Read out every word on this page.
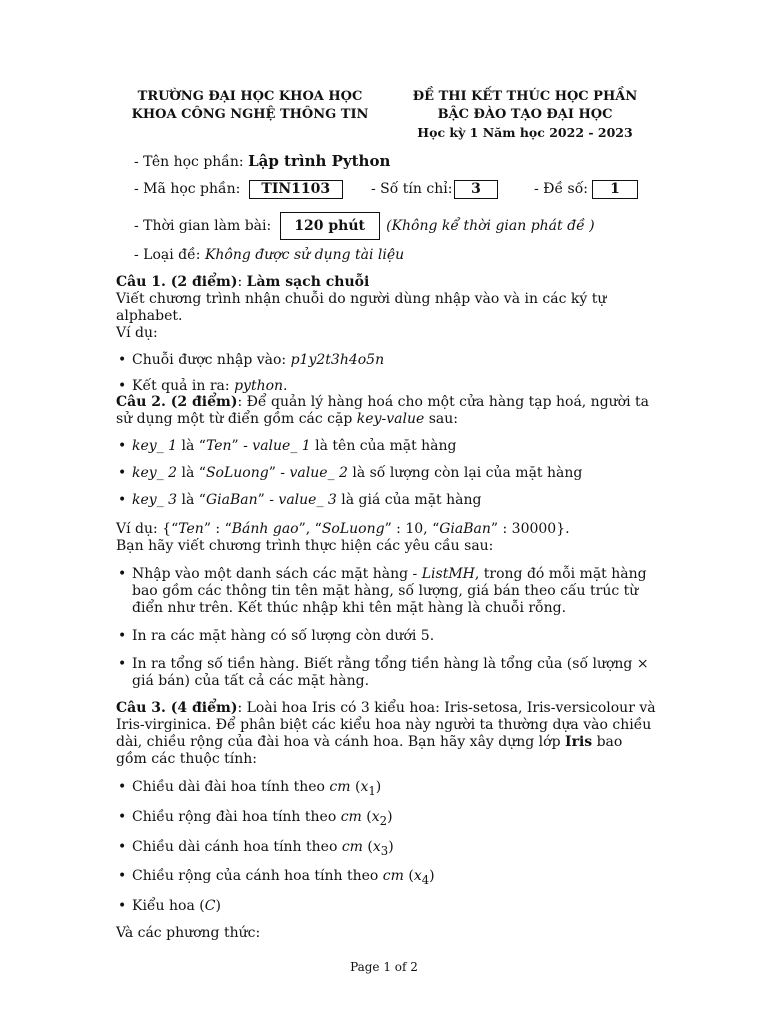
TRƯỜNG ĐẠI HỌC KHOA HỌC
KHOA CÔNG NGHỆ THÔNG TIN
ĐỀ THI KẾT THÚC HỌC PHẦN
BẬC ĐÀO TẠO ĐẠI HỌC
Học kỳ 1 Năm học 2022 - 2023
- Tên học phần: Lập trình Python
- Mã học phần: TIN1103	- Số tín chỉ:	3	- Đề số:	1
- Thời gian làm bài: 120 phút (Không kể thời gian phát đề )
- Loại đề: Không được sử dụng tài liệu

Câu 1. (2 điểm): Làm sạch chuỗi

Viết chương trình nhận chuỗi do người dùng nhập vào và in các ký tự alphabet.

Ví dụ:

• Chuỗi được nhập vào: p1y2t3h4o5n
• Kết quả in ra: python.

Câu 2. (2 điểm): Để quản lý hàng hoá cho một cửa hàng tạp hoá, người ta sử dụng một từ điển gồm các cặp key-value sau:

• key_ 1 là “Ten” - value_ 1 là tên của mặt hàng
• key_ 2 là “SoLuong” - value_ 2 là số lượng còn lại của mặt hàng
• key_ 3 là “GiaBan” - value_ 3 là giá của mặt hàng

Ví dụ: {“Ten” : “Bánh gao”, “SoLuong” : 10, “GiaBan” : 30000}.

Bạn hãy viết chương trình thực hiện các yêu cầu sau:

• Nhập vào một danh sách các mặt hàng - ListMH, trong đó mỗi mặt hàng bao gồm các thông tin tên mặt hàng, số lượng, giá bán theo cấu trúc từ điển như trên. Kết thúc nhập khi tên mặt hàng là chuỗi rỗng.
• In ra các mặt hàng có số lượng còn dưới 5.
• In ra tổng số tiền hàng. Biết rằng tổng tiền hàng là tổng của (số lượng × giá bán) của tất cả các mặt hàng.

Câu 3. (4 điểm): Loài hoa Iris có 3 kiểu hoa: Iris-setosa, Iris-versicolour và Iris-virginica. Để phân biệt các kiểu hoa này người ta thường dựa vào chiều dài, chiều rộng của đài hoa và cánh hoa. Bạn hãy xây dựng lớp Iris bao gồm các thuộc tính:

• Chiều dài đài hoa tính theo cm $(x_1)$
• Chiều rộng đài hoa tính theo cm $(x_2)$
• Chiều dài cánh hoa tính theo cm $(x_3)$
• Chiều rộng của cánh hoa tính theo cm $(x_4)$
• Kiểu hoa (C)

Và các phương thức:

Page 1 of 2
